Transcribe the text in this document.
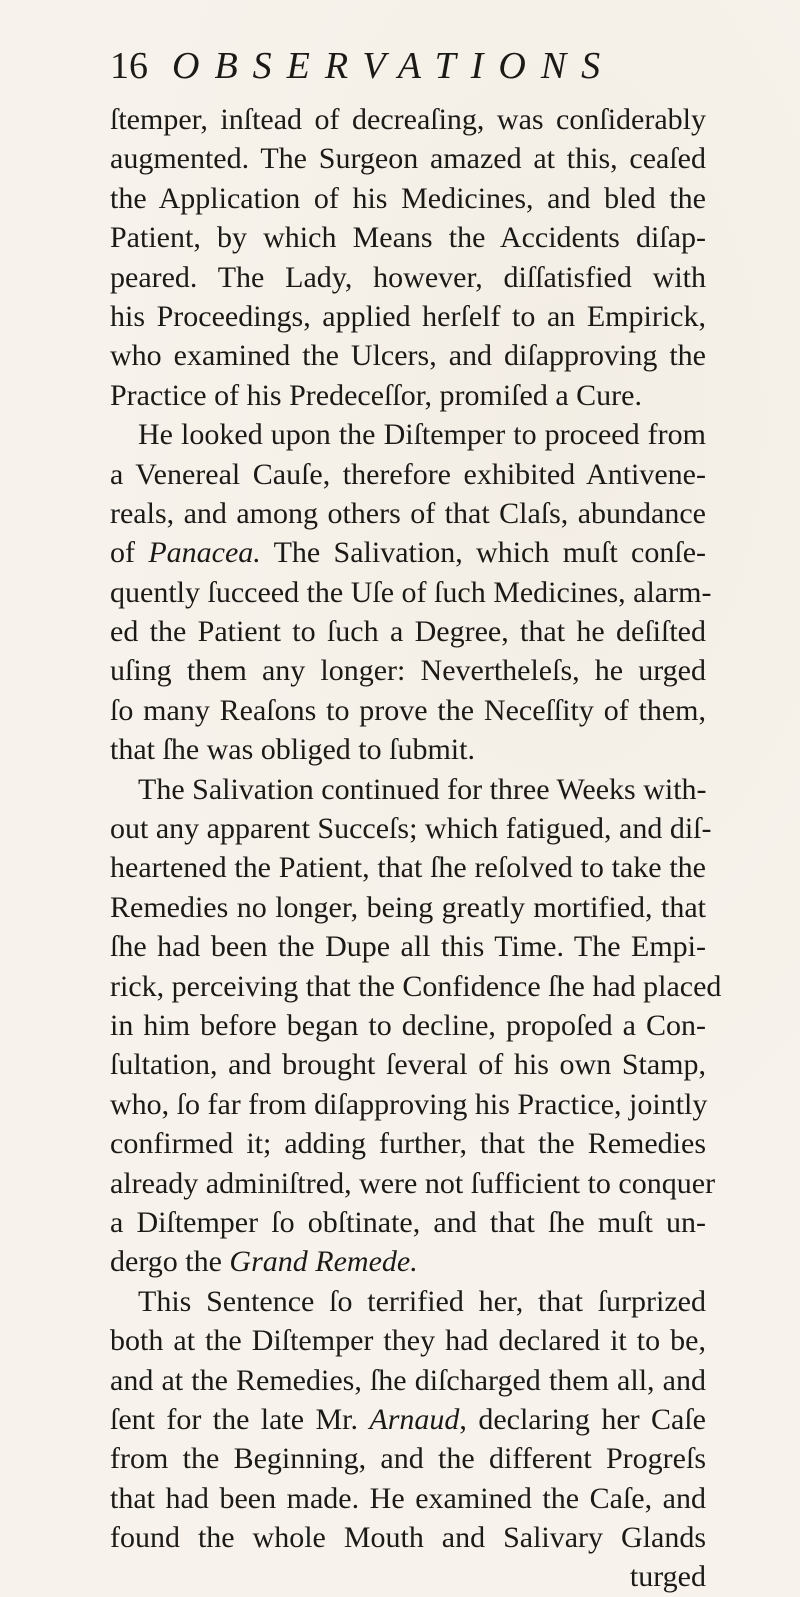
16 OBSERVATIONS
ſtemper, inſtead of decreaſing, was conſiderably
augmented. The Surgeon amazed at this, ceaſed
the Application of his Medicines, and bled the
Patient, by which Means the Accidents diſap-
peared. The Lady, however, diſſatisfied with
his Proceedings, applied herſelf to an Empirick,
who examined the Ulcers, and diſapproving the
Practice of his Predeceſſor, promiſed a Cure.
He looked upon the Diſtemper to proceed from
a Venereal Cauſe, therefore exhibited Antivene-
reals, and among others of that Claſs, abundance
of Panacea. The Salivation, which muſt conſe-
quently ſucceed the Uſe of ſuch Medicines, alarm-
ed the Patient to ſuch a Degree, that he deſiſted
uſing them any longer: Nevertheleſs, he urged
ſo many Reaſons to prove the Neceſſity of them,
that ſhe was obliged to ſubmit.
The Salivation continued for three Weeks with-
out any apparent Succeſs; which fatigued, and diſ-
heartened the Patient, that ſhe reſolved to take the
Remedies no longer, being greatly mortified, that
ſhe had been the Dupe all this Time. The Empi-
rick, perceiving that the Confidence ſhe had placed
in him before began to decline, propoſed a Con-
ſultation, and brought ſeveral of his own Stamp,
who, ſo far from diſapproving his Practice, jointly
confirmed it; adding further, that the Remedies
already adminiſtred, were not ſufficient to conquer
a Diſtemper ſo obſtinate, and that ſhe muſt un-
dergo the Grand Remede.
This Sentence ſo terrified her, that ſurprized
both at the Diſtemper they had declared it to be,
and at the Remedies, ſhe diſcharged them all, and
ſent for the late Mr. Arnaud, declaring her Caſe
from the Beginning, and the different Progreſs
that had been made. He examined the Caſe, and
found the whole Mouth and Salivary Glands
turged
